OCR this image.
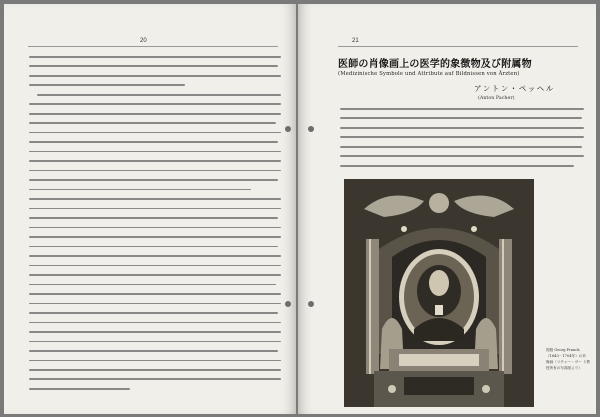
20	21
医師の肖像画上の医学的象徴物及び附属物
(Medizinische Symbole und Attribute auf Bildnissen von Ärzten)
アントン・ペッヘル
(Anton Pacher)
図版 Georg Franck
（1643－1704年）の肖
像画（リチャー・ヴー ド教
授所有の写真版より）
